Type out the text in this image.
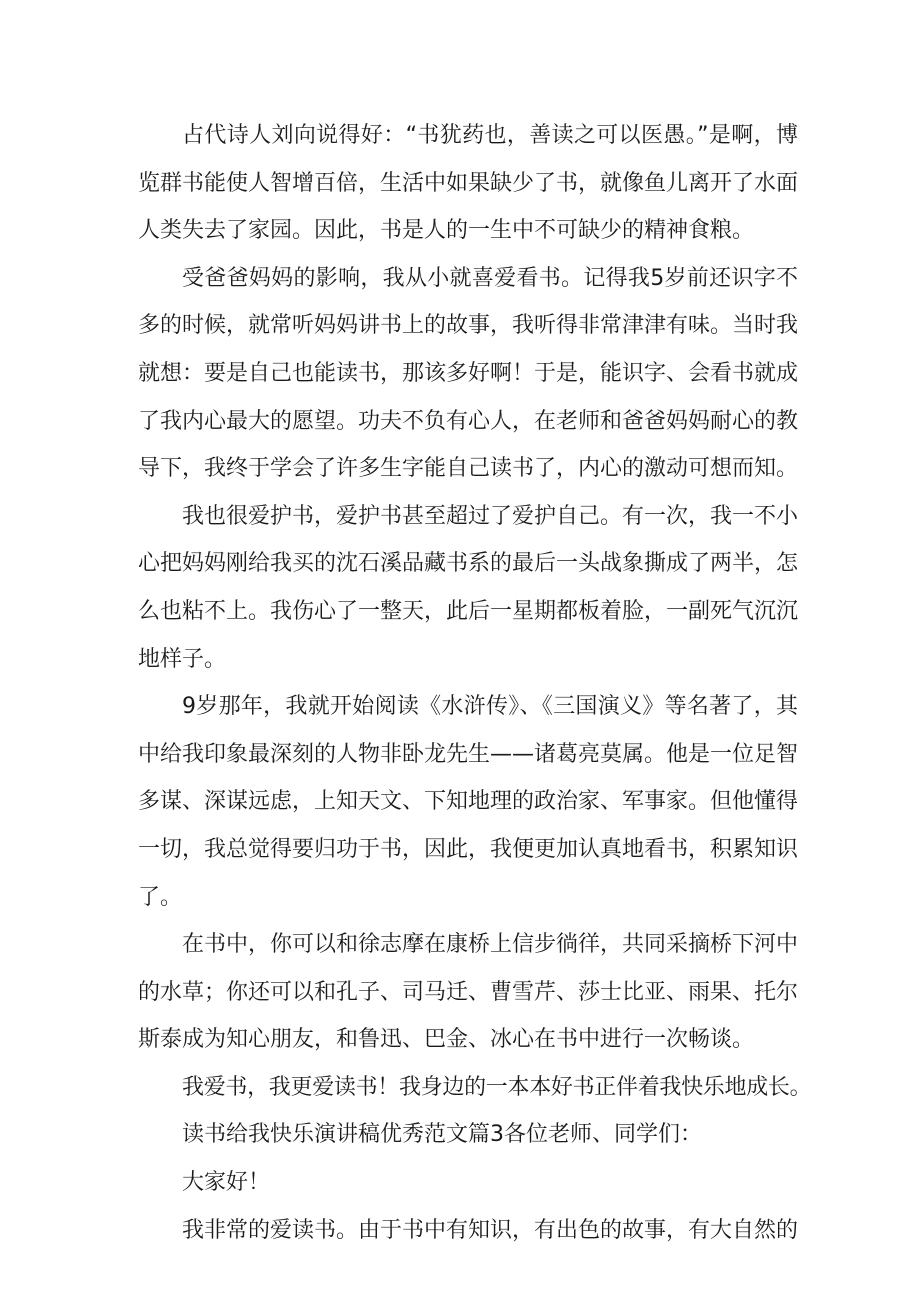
占代诗人刘向说得好：“书犹药也，善读之可以医愚。”是啊，博览群书能使人智增百倍，生活中如果缺少了书，就像鱼儿离开了水面人类失去了家园。因此，书是人的一生中不可缺少的精神食粮。

受爸爸妈妈的影响，我从小就喜爱看书。记得我5岁前还识字不多的时候，就常听妈妈讲书上的故事，我听得非常津津有味。当时我就想：要是自己也能读书，那该多好啊！于是，能识字、会看书就成了我内心最大的愿望。功夫不负有心人，在老师和爸爸妈妈耐心的教导下，我终于学会了许多生字能自己读书了，内心的激动可想而知。

我也很爱护书，爱护书甚至超过了爱护自己。有一次，我一不小心把妈妈刚给我买的沈石溪品藏书系的最后一头战象撕成了两半，怎么也粘不上。我伤心了一整天，此后一星期都板着脸，一副死气沉沉地样子。

9岁那年，我就开始阅读《水浒传》、《三国演义》等名著了，其中给我印象最深刻的人物非卧龙先生——诸葛亮莫属。他是一位足智多谋、深谋远虑，上知天文、下知地理的政治家、军事家。但他懂得一切，我总觉得要归功于书，因此，我便更加认真地看书，积累知识了。

在书中，你可以和徐志摩在康桥上信步徜徉，共同采摘桥下河中的水草；你还可以和孔子、司马迁、曹雪芹、莎士比亚、雨果、托尔斯泰成为知心朋友，和鲁迅、巴金、冰心在书中进行一次畅谈。

我爱书，我更爱读书！我身边的一本本好书正伴着我快乐地成长。

读书给我快乐演讲稿优秀范文篇3各位老师、同学们：

大家好！

我非常的爱读书。由于书中有知识，有出色的故事，有大自然的
